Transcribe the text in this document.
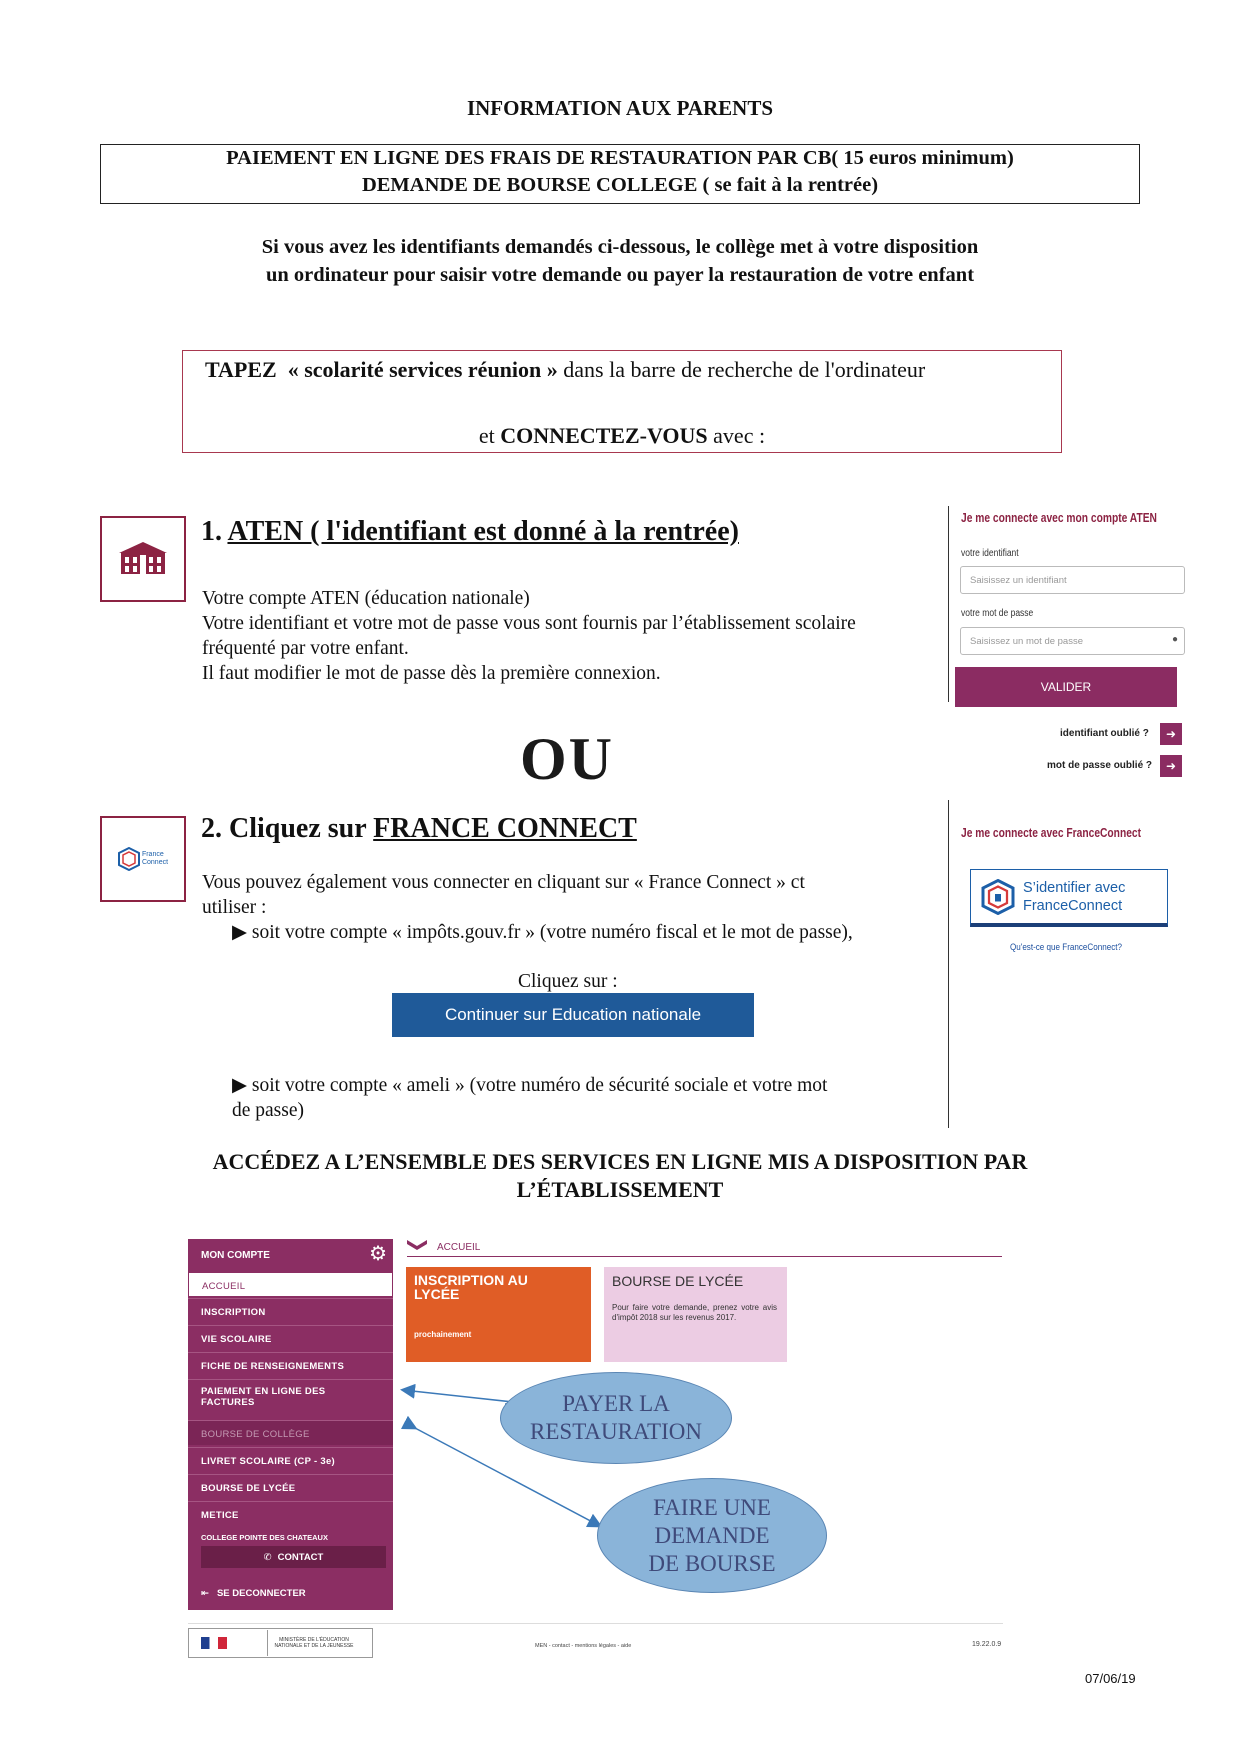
INFORMATION AUX PARENTS
PAIEMENT EN LIGNE DES FRAIS DE RESTAURATION PAR CB( 15 euros minimum)
DEMANDE DE BOURSE COLLEGE ( se fait à la rentrée)
Si vous avez les identifiants demandés ci-dessous, le collège met à votre disposition
un ordinateur pour saisir votre demande ou payer la restauration de votre enfant
TAPEZ « scolarité services réunion » dans la barre de recherche de l'ordinateur
et CONNECTEZ-VOUS avec :
1. ATEN ( l'identifiant est donné à la rentrée)
Votre compte ATEN (éducation nationale)
Votre identifiant et votre mot de passe vous sont fournis par l’établissement scolaire
fréquenté par votre enfant.
Il faut modifier le mot de passe dès la première connexion.
OU
Je me connecte avec mon compte ATEN
votre identifiant
Saisissez un identifiant
votre mot de passe
Saisissez un mot de passe	●
VALIDER
identifiant oublié ?	➜
mot de passe oublié ?	➜
France
Connect
2. Cliquez sur FRANCE CONNECT
Vous pouvez également vous connecter en cliquant sur « France Connect » ct
utiliser :
▶ soit votre compte « impôts.gouv.fr » (votre numéro fiscal et le mot de passe),
Cliquez sur :
Continuer sur Education nationale
▶ soit votre compte « ameli » (votre numéro de sécurité sociale et votre mot
de passe)
Je me connecte avec FranceConnect
S’identifier avec
FranceConnect
Qu'est-ce que FranceConnect?
ACCÉDEZ A L’ENSEMBLE DES SERVICES EN LIGNE MIS A DISPOSITION PAR
L’ÉTABLISSEMENT
MON COMPTE	⚙
ACCUEIL
INSCRIPTION
VIE SCOLAIRE
FICHE DE RENSEIGNEMENTS
PAIEMENT EN LIGNE DES FACTURES
BOURSE DE COLLÈGE
LIVRET SCOLAIRE (CP - 3e)
BOURSE DE LYCÉE
METICE
COLLEGE POINTE DES CHATEAUX
✆ CONTACT
⇤ SE DECONNECTER
ACCUEIL
INSCRIPTION AU LYCÉE
prochainement
BOURSE DE LYCÉE
Pour faire votre demande, prenez votre avis d'impôt 2018 sur les revenus 2017.
PAYER LA RESTAURATION
FAIRE UNE DEMANDE DE BOURSE
MINISTÈRE DE L'ÉDUCATION NATIONALE ET DE LA JEUNESSE	MEN - contact - mentions légales - aide	19.22.0.9
07/06/19
